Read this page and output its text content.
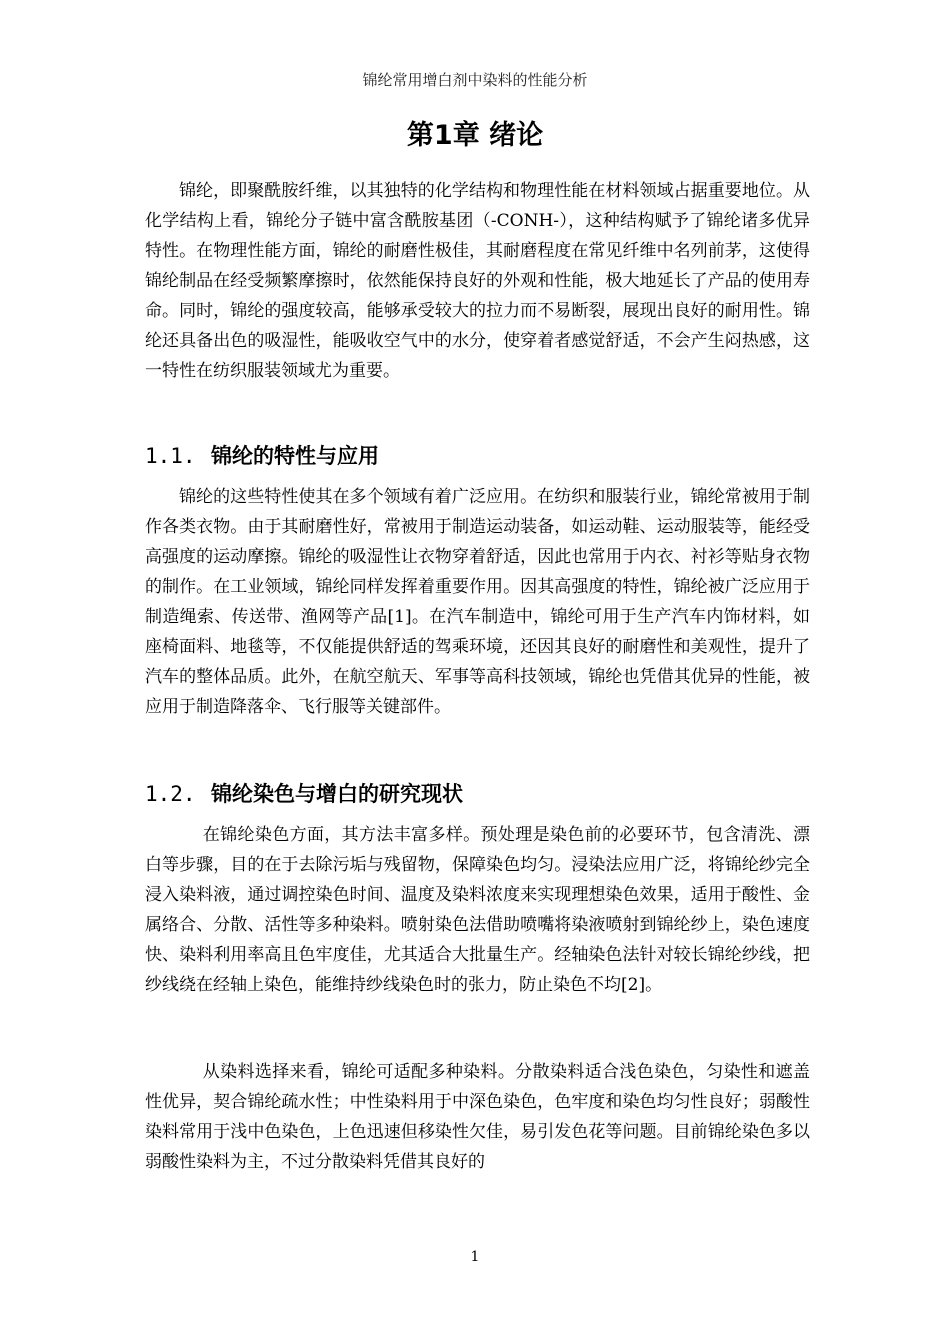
锦纶常用增白剂中染料的性能分析
第1章 绪论

锦纶，即聚酰胺纤维，以其独特的化学结构和物理性能在材料领域占据重要地位。从化学结构上看，锦纶分子链中富含酰胺基团（-CONH-），这种结构赋予了锦纶诸多优异特性。在物理性能方面，锦纶的耐磨性极佳，其耐磨程度在常见纤维中名列前茅，这使得锦纶制品在经受频繁摩擦时，依然能保持良好的外观和性能，极大地延长了产品的使用寿命。同时，锦纶的强度较高，能够承受较大的拉力而不易断裂，展现出良好的耐用性。锦纶还具备出色的吸湿性，能吸收空气中的水分，使穿着者感觉舒适，不会产生闷热感，这一特性在纺织服装领域尤为重要。

1.1. 锦纶的特性与应用

锦纶的这些特性使其在多个领域有着广泛应用。在纺织和服装行业，锦纶常被用于制作各类衣物。由于其耐磨性好，常被用于制造运动装备，如运动鞋、运动服装等，能经受高强度的运动摩擦。锦纶的吸湿性让衣物穿着舒适，因此也常用于内衣、衬衫等贴身衣物的制作。在工业领域，锦纶同样发挥着重要作用。因其高强度的特性，锦纶被广泛应用于制造绳索、传送带、渔网等产品[1]。在汽车制造中，锦纶可用于生产汽车内饰材料，如座椅面料、地毯等，不仅能提供舒适的驾乘环境，还因其良好的耐磨性和美观性，提升了汽车的整体品质。此外，在航空航天、军事等高科技领域，锦纶也凭借其优异的性能，被应用于制造降落伞、飞行服等关键部件。

1.2. 锦纶染色与增白的研究现状

在锦纶染色方面，其方法丰富多样。预处理是染色前的必要环节，包含清洗、漂白等步骤，目的在于去除污垢与残留物，保障染色均匀。浸染法应用广泛，将锦纶纱完全浸入染料液，通过调控染色时间、温度及染料浓度来实现理想染色效果，适用于酸性、金属络合、分散、活性等多种染料。喷射染色法借助喷嘴将染液喷射到锦纶纱上，染色速度快、染料利用率高且色牢度佳，尤其适合大批量生产。经轴染色法针对较长锦纶纱线，把纱线绕在经轴上染色，能维持纱线染色时的张力，防止染色不均[2]。

从染料选择来看，锦纶可适配多种染料。分散染料适合浅色染色，匀染性和遮盖性优异，契合锦纶疏水性；中性染料用于中深色染色，色牢度和染色均匀性良好；弱酸性染料常用于浅中色染色，上色迅速但移染性欠佳，易引发色花等问题。目前锦纶染色多以弱酸性染料为主，不过分散染料凭借其良好的

1
